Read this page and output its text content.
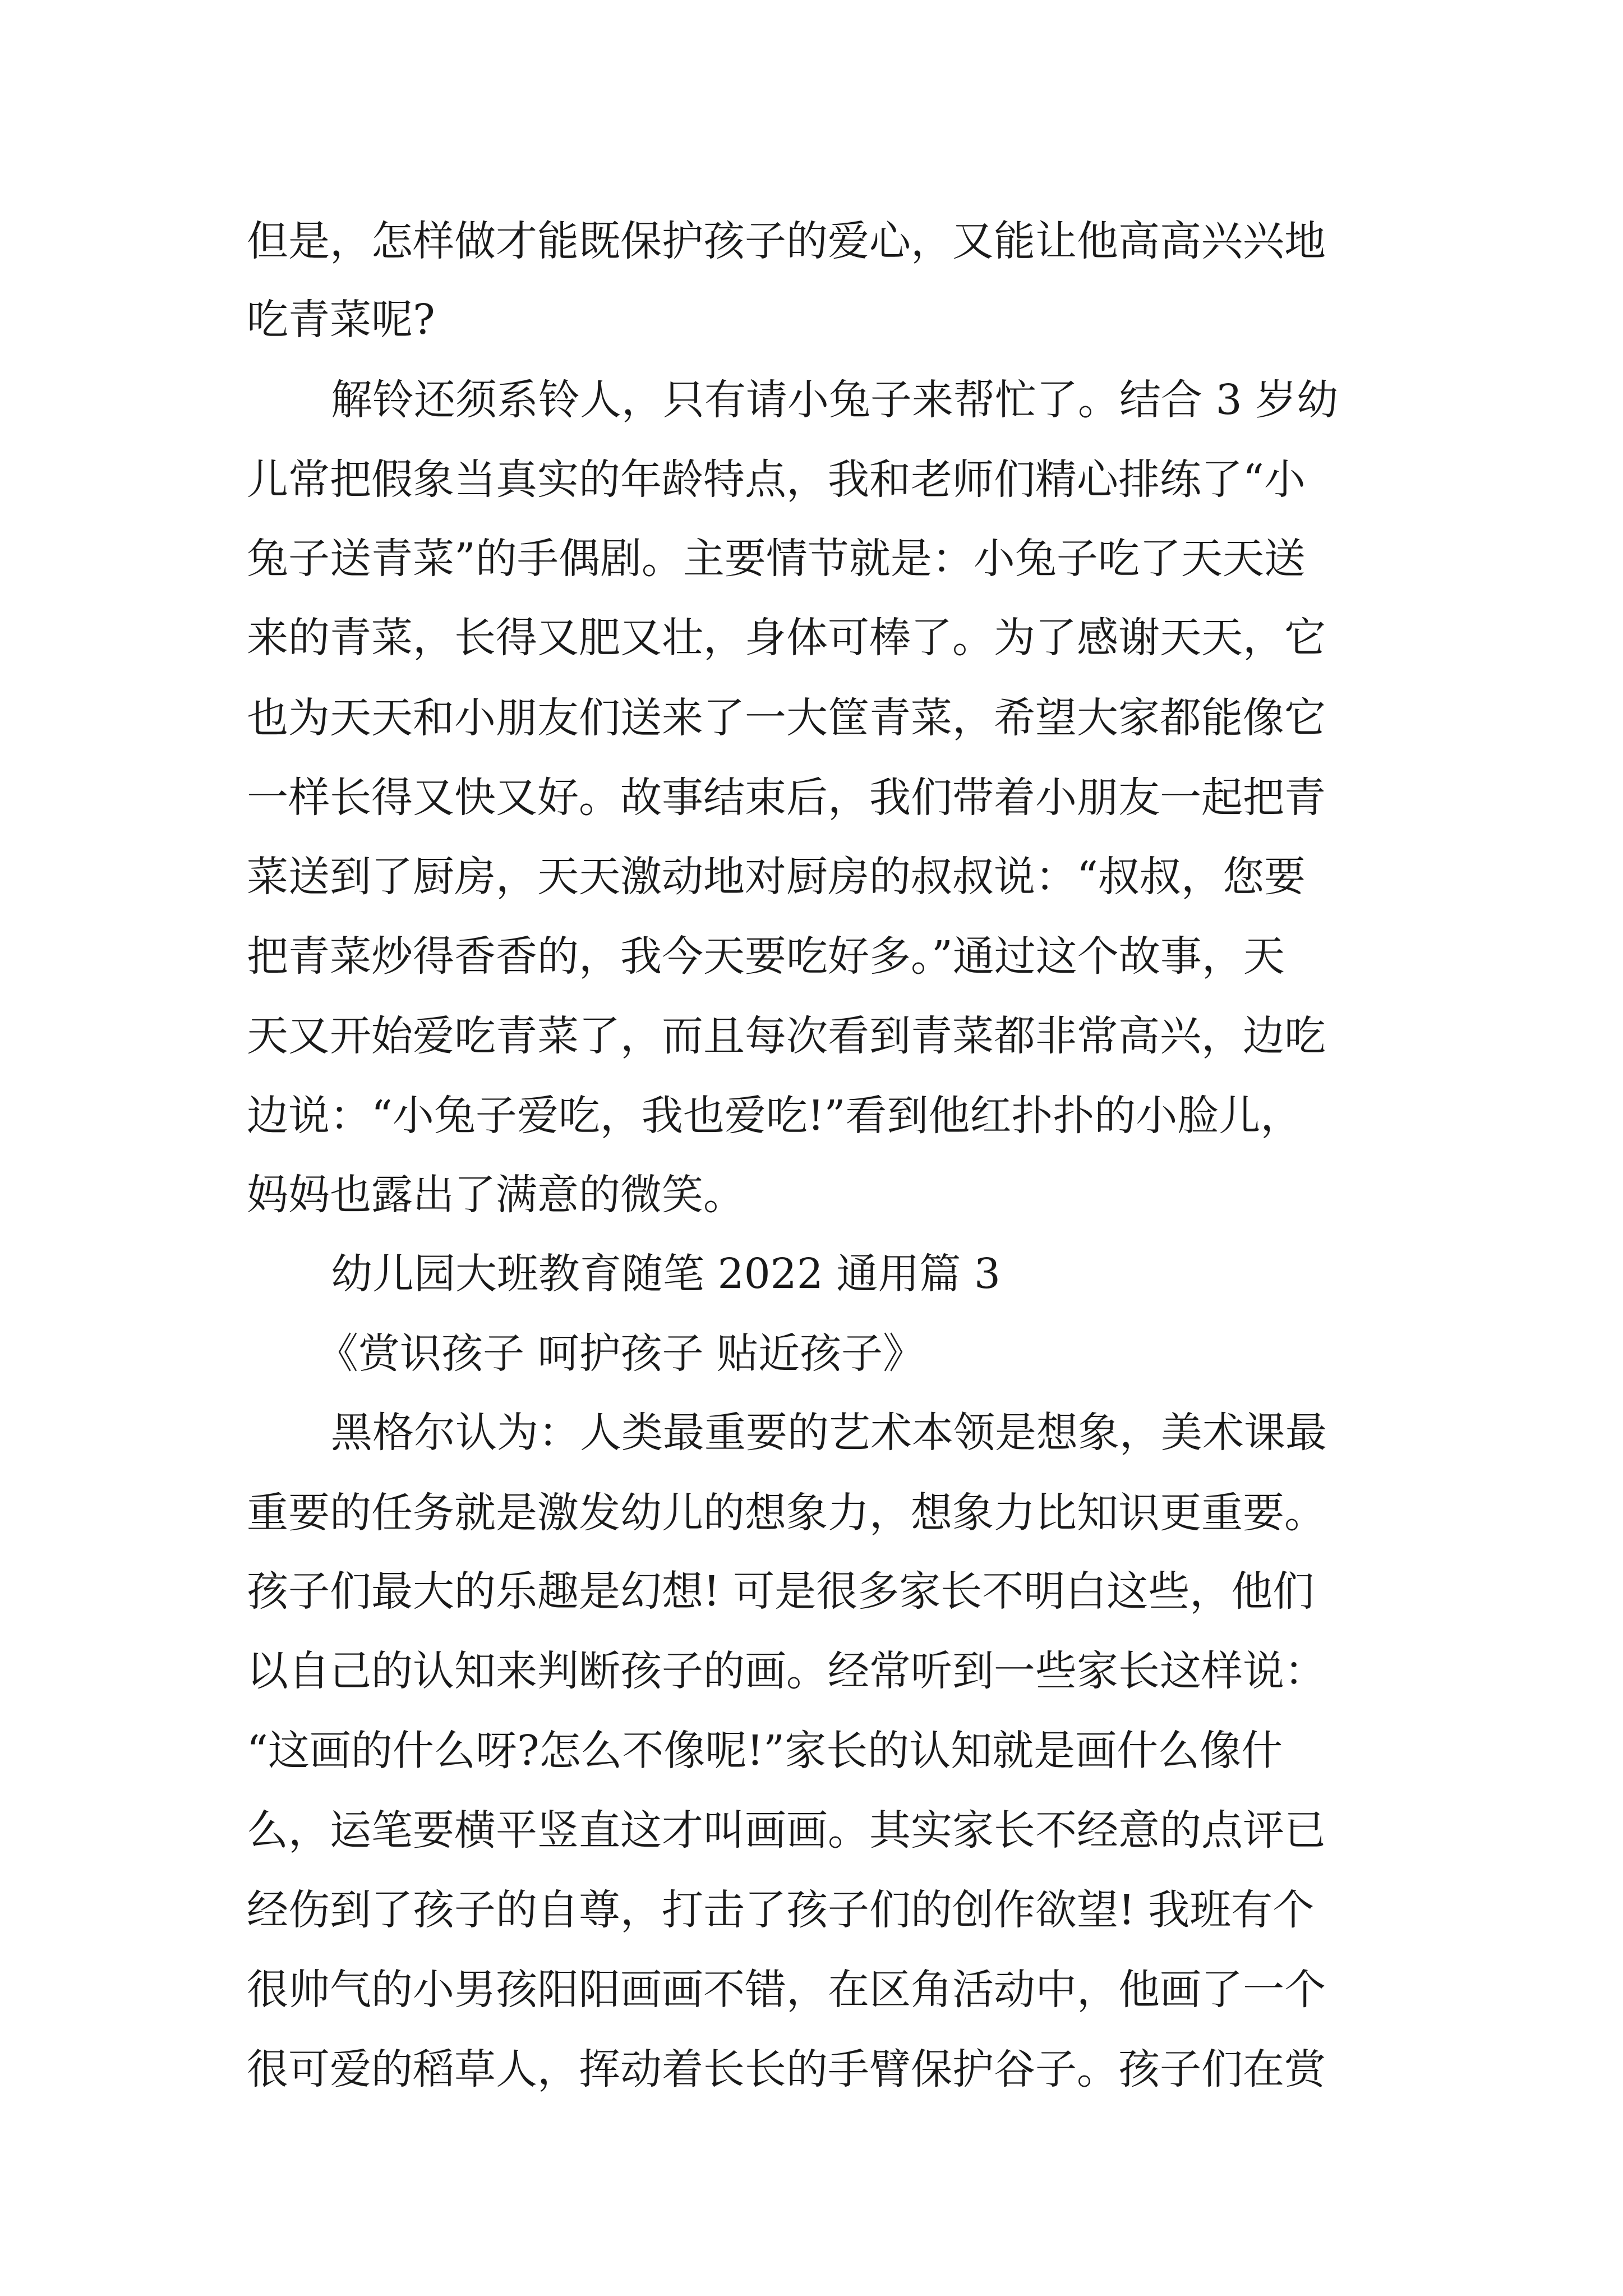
但是，怎样做才能既保护孩子的爱心，又能让他高高兴兴地
吃青菜呢?
解铃还须系铃人，只有请小兔子来帮忙了。结合 3 岁幼
儿常把假象当真实的年龄特点，我和老师们精心排练了“小
兔子送青菜”的手偶剧。主要情节就是：小兔子吃了天天送
来的青菜，长得又肥又壮，身体可棒了。为了感谢天天，它
也为天天和小朋友们送来了一大筐青菜，希望大家都能像它
一样长得又快又好。故事结束后，我们带着小朋友一起把青
菜送到了厨房，天天激动地对厨房的叔叔说：“叔叔，您要
把青菜炒得香香的，我今天要吃好多。”通过这个故事，天
天又开始爱吃青菜了，而且每次看到青菜都非常高兴，边吃
边说：“小兔子爱吃，我也爱吃!”看到他红扑扑的小脸儿，
妈妈也露出了满意的微笑。
幼儿园大班教育随笔 2022 通用篇 3
《赏识孩子 呵护孩子 贴近孩子》
黑格尔认为：人类最重要的艺术本领是想象，美术课最
重要的任务就是激发幼儿的想象力，想象力比知识更重要。
孩子们最大的乐趣是幻想! 可是很多家长不明白这些，他们
以自己的认知来判断孩子的画。经常听到一些家长这样说：
“这画的什么呀?怎么不像呢!”家长的认知就是画什么像什
么，运笔要横平竖直这才叫画画。其实家长不经意的点评已
经伤到了孩子的自尊，打击了孩子们的创作欲望! 我班有个
很帅气的小男孩阳阳画画不错，在区角活动中，他画了一个
很可爱的稻草人，挥动着长长的手臂保护谷子。孩子们在赏
